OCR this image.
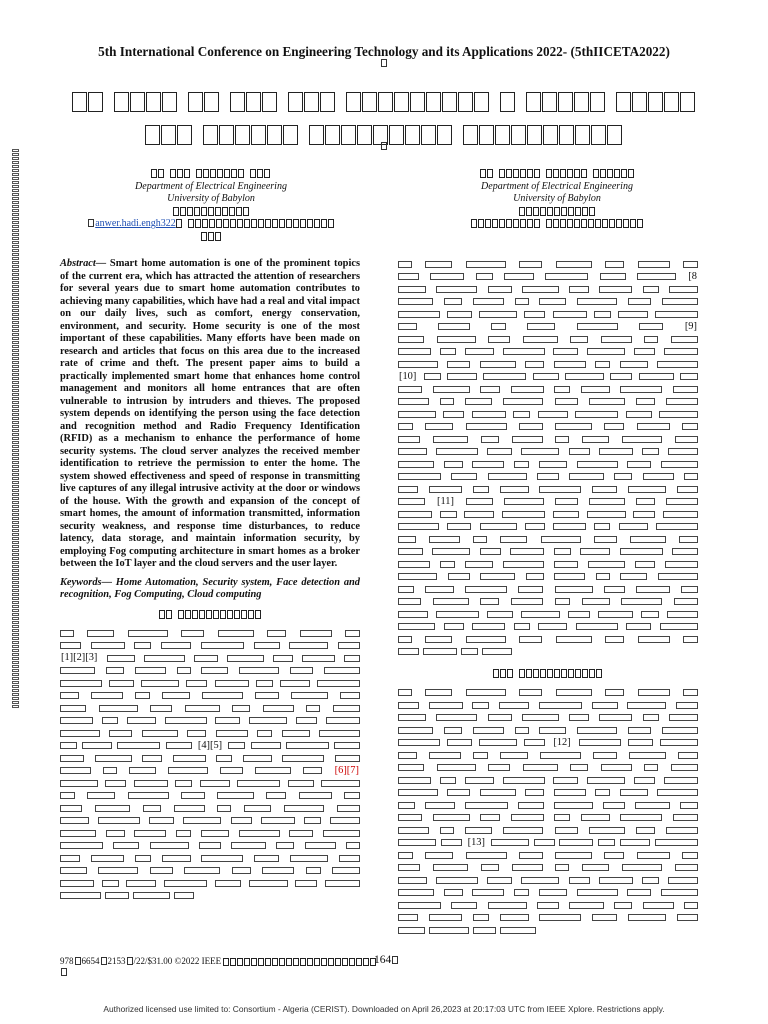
5th International Conference on Engineering Technology and its Applications 2022- (5thIICETA2022)
Department of Electrical Engineering
University of Babylon
anwer.hadi.engh322
Department of Electrical Engineering
University of Babylon
Abstract— Smart home automation is one of the prominent topics of the current era, which has attracted the attention of researchers for several years due to smart home automation contributes to achieving many capabilities, which have had a real and vital impact on our daily lives, such as comfort, energy conservation, environment, and security. Home security is one of the most important of these capabilities. Many efforts have been made on research and articles that focus on this area due to the increased rate of crime and theft. The present paper aims to build a practically implemented smart home that enhances home control management and monitors all home entrances that are often vulnerable to intrusion by intruders and thieves. The proposed system depends on identifying the person using the face detection and recognition method and Radio Frequency Identification (RFID) as a mechanism to enhance the performance of home security systems. The cloud server analyzes the received member identification to retrieve the permission to enter the home. The system showed effectiveness and speed of response in transmitting live captures of any illegal intrusive activity at the door or windows of the house. With the growth and expansion of the concept of smart homes, the amount of information transmitted, information security weakness, and response time disturbances, to reduce latency, data storage, and maintain information security, by employing Fog computing architecture in smart homes as a broker between the IoT layer and the cloud servers and the user layer.
Keywords— Home Automation, Security system, Face detection and recognition, Fog Computing, Cloud computing
[1][2][3]
[4][5]
[6][7]
[8
[9]
[10]
[11]
[12]
[13]
978 6654 2153 /22/$31.00 ©2022 IEEE	164
Authorized licensed use limited to: Consortium - Algeria (CERIST). Downloaded on April 26,2023 at 20:17:03 UTC from IEEE Xplore. Restrictions apply.
